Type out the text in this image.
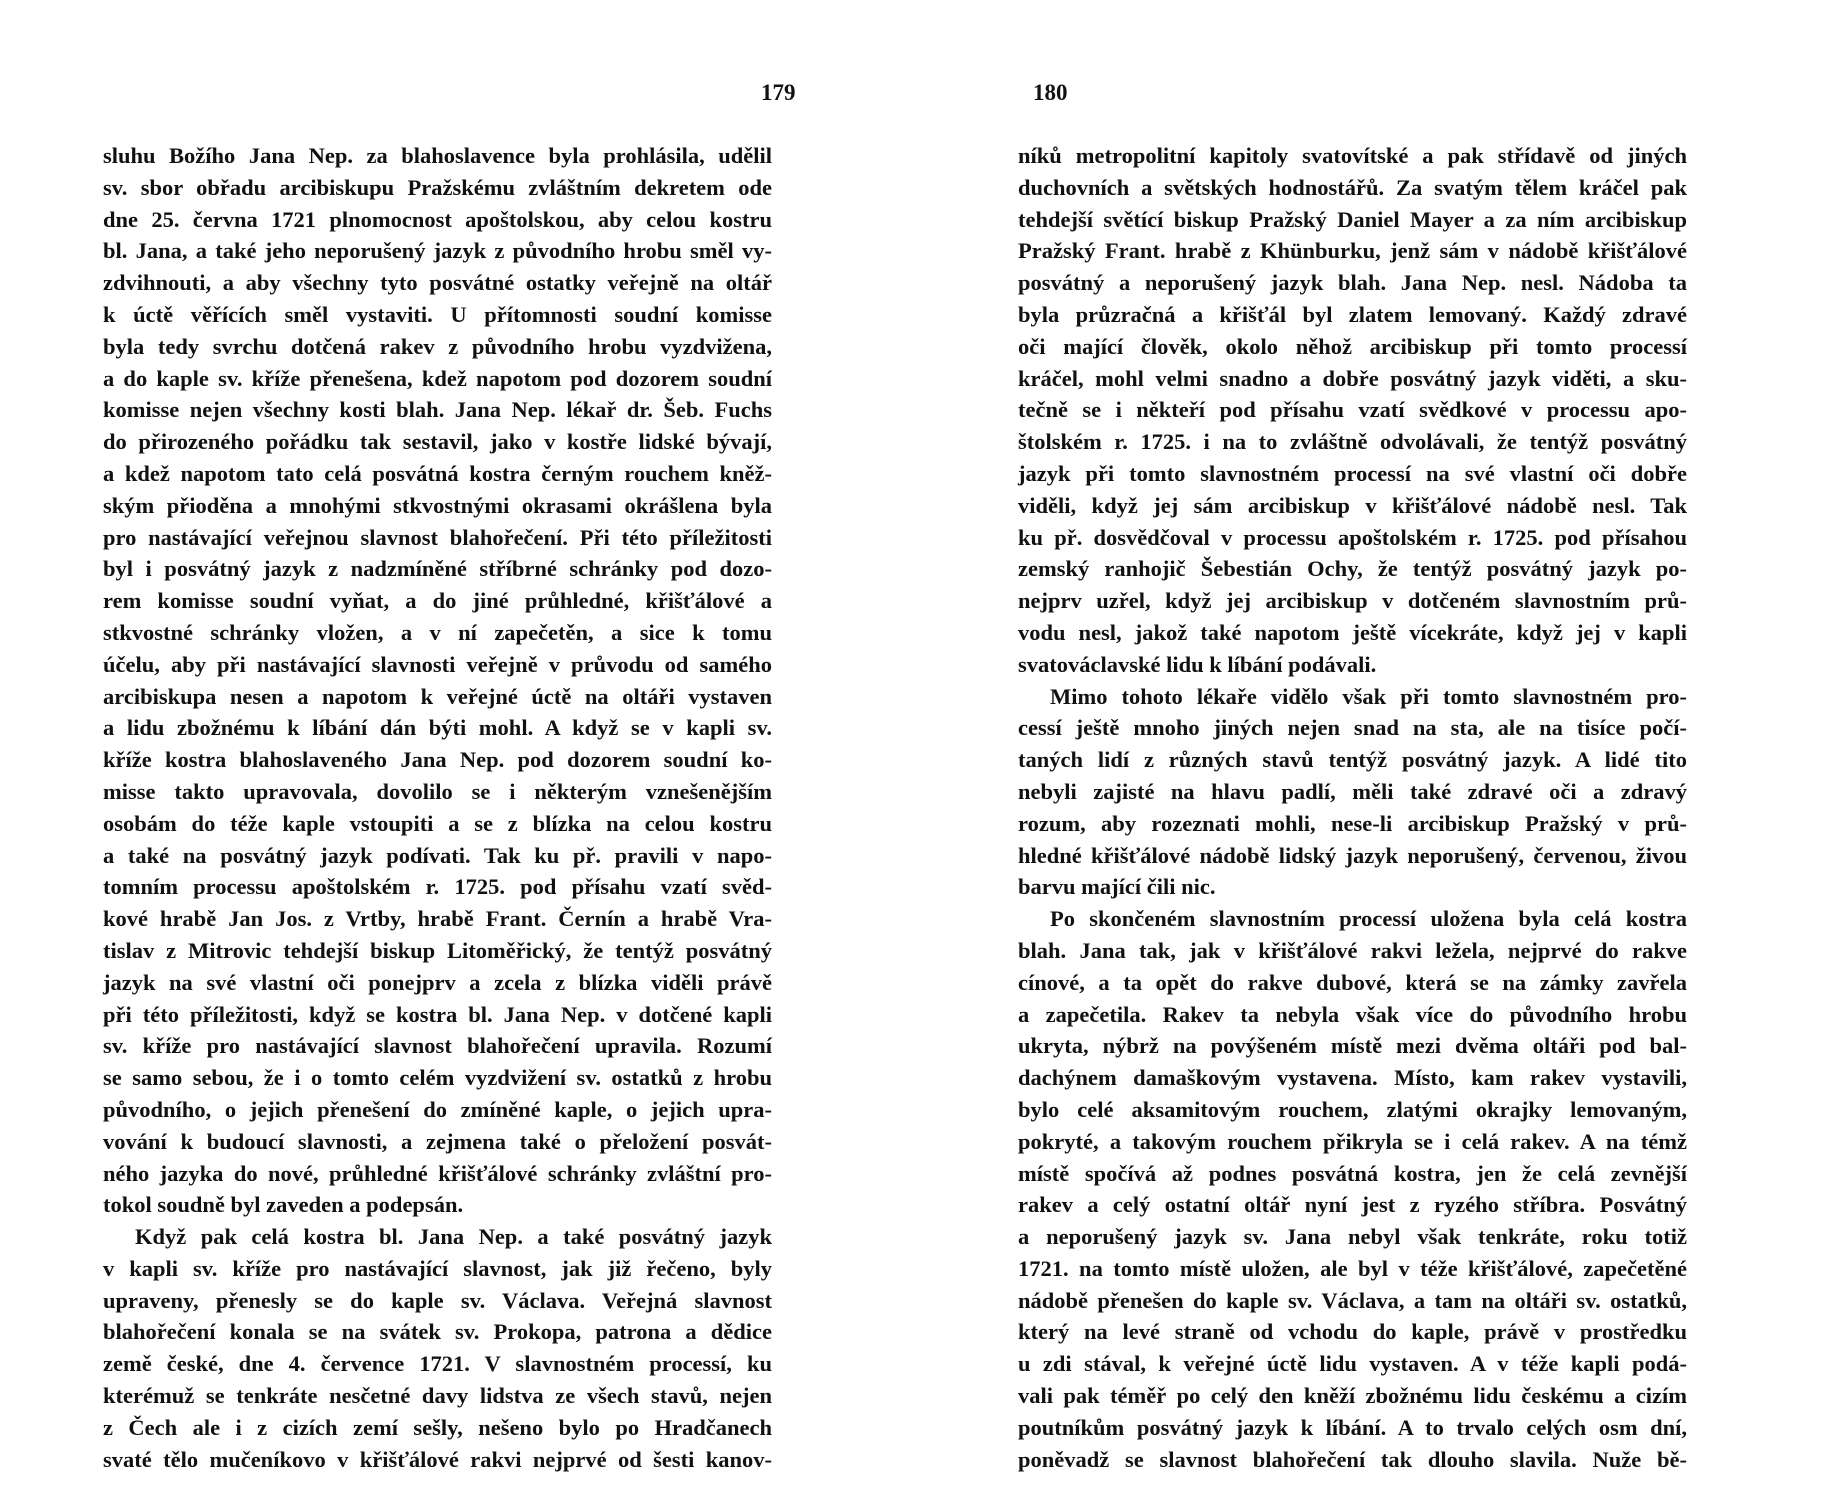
179
sluhu Božího Jana Nep. za blahoslavence byla prohlásila, udělil
sv. sbor obřadu arcibiskupu Pražskému zvláštním dekretem ode
dne 25. června 1721 plnomocnost apoštolskou, aby celou kostru
bl. Jana, a také jeho neporušený jazyk z původního hrobu směl vy-
zdvihnouti, a aby všechny tyto posvátné ostatky veřejně na oltář
k úctě věřících směl vystaviti. U přítomnosti soudní komisse
byla tedy svrchu dotčená rakev z původního hrobu vyzdvižena,
a do kaple sv. kříže přenešena, kdež napotom pod dozorem soudní
komisse nejen všechny kosti blah. Jana Nep. lékař dr. Šeb. Fuchs
do přirozeného pořádku tak sestavil, jako v kostře lidské bývají,
a kdež napotom tato celá posvátná kostra černým rouchem kněž-
ským přioděna a mnohými stkvostnými okrasami okrášlena byla
pro nastávající veřejnou slavnost blahořečení. Při této příležitosti
byl i posvátný jazyk z nadzmíněné stříbrné schránky pod dozo-
rem komisse soudní vyňat, a do jiné průhledné, křišťálové a
stkvostné schránky vložen, a v ní zapečetěn, a sice k tomu
účelu, aby při nastávající slavnosti veřejně v průvodu od samého
arcibiskupa nesen a napotom k veřejné úctě na oltáři vystaven
a lidu zbožnému k líbání dán býti mohl. A když se v kapli sv.
kříže kostra blahoslaveného Jana Nep. pod dozorem soudní ko-
misse takto upravovala, dovolilo se i některým vznešenějším
osobám do téže kaple vstoupiti a se z blízka na celou kostru
a také na posvátný jazyk podívati. Tak ku př. pravili v napo-
tomním processu apoštolském r. 1725. pod přísahu vzatí svěd-
kové hrabě Jan Jos. z Vrtby, hrabě Frant. Černín a hrabě Vra-
tislav z Mitrovic tehdejší biskup Litoměřický, že tentýž posvátný
jazyk na své vlastní oči ponejprv a zcela z blízka viděli právě
při této příležitosti, když se kostra bl. Jana Nep. v dotčené kapli
sv. kříže pro nastávající slavnost blahořečení upravila. Rozumí
se samo sebou, že i o tomto celém vyzdvižení sv. ostatků z hrobu
původního, o jejich přenešení do zmíněné kaple, o jejich upra-
vování k budoucí slavnosti, a zejmena také o přeložení posvát-
ného jazyka do nové, průhledné křišťálové schránky zvláštní pro-
tokol soudně byl zaveden a podepsán.
Když pak celá kostra bl. Jana Nep. a také posvátný jazyk
v kapli sv. kříže pro nastávající slavnost, jak již řečeno, byly
upraveny, přenesly se do kaple sv. Václava. Veřejná slavnost
blahořečení konala se na svátek sv. Prokopa, patrona a dědice
země české, dne 4. července 1721. V slavnostném processí, ku
kterémuž se tenkráte nesčetné davy lidstva ze všech stavů, nejen
z Čech ale i z cizích zemí sešly, nešeno bylo po Hradčanech
svaté tělo mučeníkovo v křišťálové rakvi nejprvé od šesti kanov-
180
níků metropolitní kapitoly svatovítské a pak střídavě od jiných
duchovních a světských hodnostářů. Za svatým tělem kráčel pak
tehdejší světící biskup Pražský Daniel Mayer a za ním arcibiskup
Pražský Frant. hrabě z Khünburku, jenž sám v nádobě křišťálové
posvátný a neporušený jazyk blah. Jana Nep. nesl. Nádoba ta
byla průzračná a křišťál byl zlatem lemovaný. Každý zdravé
oči mající člověk, okolo něhož arcibiskup při tomto processí
kráčel, mohl velmi snadno a dobře posvátný jazyk viděti, a sku-
tečně se i někteří pod přísahu vzatí svědkové v processu apo-
štolském r. 1725. i na to zvláštně odvolávali, že tentýž posvátný
jazyk při tomto slavnostném processí na své vlastní oči dobře
viděli, když jej sám arcibiskup v křišťálové nádobě nesl. Tak
ku př. dosvědčoval v processu apoštolském r. 1725. pod přísahou
zemský ranhojič Šebestián Ochy, že tentýž posvátný jazyk po-
nejprv uzřel, když jej arcibiskup v dotčeném slavnostním prů-
vodu nesl, jakož také napotom ještě vícekráte, když jej v kapli
svatováclavské lidu k líbání podávali.
Mimo tohoto lékaře vidělo však při tomto slavnostném pro-
cessí ještě mnoho jiných nejen snad na sta, ale na tisíce počí-
taných lidí z různých stavů tentýž posvátný jazyk. A lidé tito
nebyli zajisté na hlavu padlí, měli také zdravé oči a zdravý
rozum, aby rozeznati mohli, nese-li arcibiskup Pražský v prů-
hledné křišťálové nádobě lidský jazyk neporušený, červenou, živou
barvu mající čili nic.
Po skončeném slavnostním processí uložena byla celá kostra
blah. Jana tak, jak v křišťálové rakvi ležela, nejprvé do rakve
cínové, a ta opět do rakve dubové, která se na zámky zavřela
a zapečetila. Rakev ta nebyla však více do původního hrobu
ukryta, nýbrž na povýšeném místě mezi dvěma oltáři pod bal-
dachýnem damaškovým vystavena. Místo, kam rakev vystavili,
bylo celé aksamitovým rouchem, zlatými okrajky lemovaným,
pokryté, a takovým rouchem přikryla se i celá rakev. A na témž
místě spočívá až podnes posvátná kostra, jen že celá zevnější
rakev a celý ostatní oltář nyní jest z ryzého stříbra. Posvátný
a neporušený jazyk sv. Jana nebyl však tenkráte, roku totiž
1721. na tomto místě uložen, ale byl v téže křišťálové, zapečetěné
nádobě přenešen do kaple sv. Václava, a tam na oltáři sv. ostatků,
který na levé straně od vchodu do kaple, právě v prostředku
u zdi stával, k veřejné úctě lidu vystaven. A v téže kapli podá-
vali pak téměř po celý den kněží zbožnému lidu českému a cizím
poutníkům posvátný jazyk k líbání. A to trvalo celých osm dní,
poněvadž se slavnost blahořečení tak dlouho slavila. Nuže bě-
